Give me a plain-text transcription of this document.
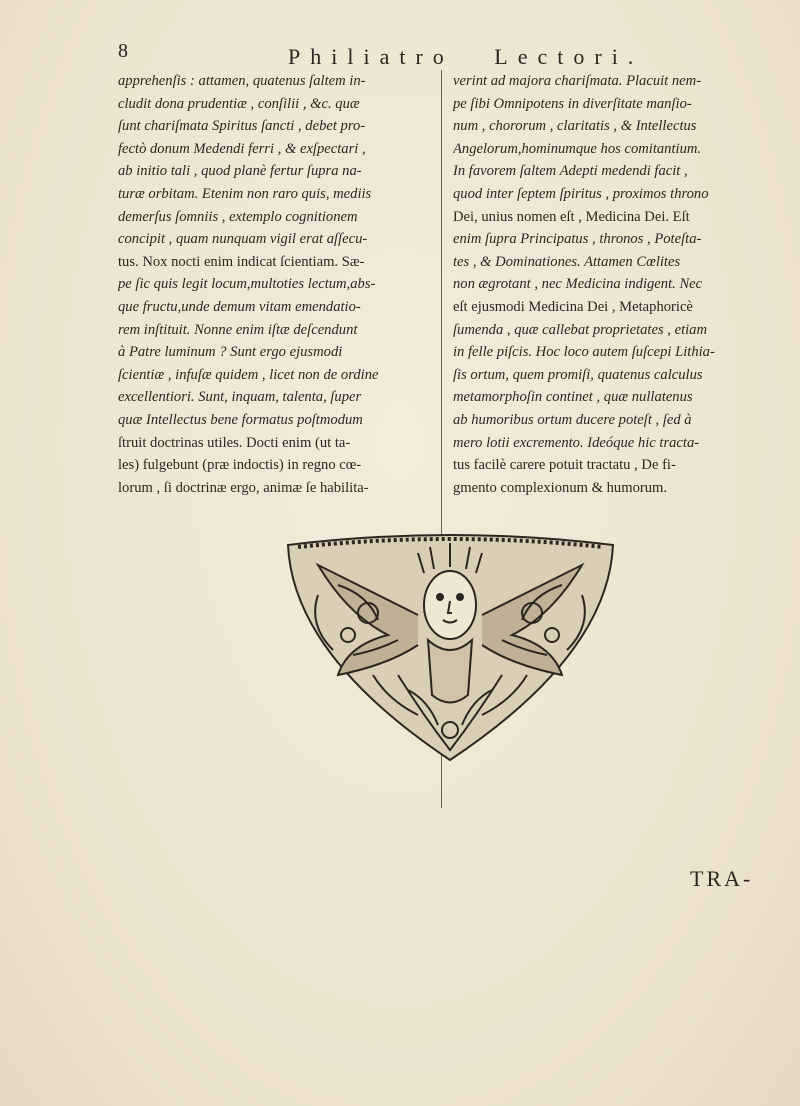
8	Philiatro Lectori.
apprehenſis : attamen, quatenus ſaltem in-
cludit dona prudentiæ , conſilii , &c. quæ
ſunt chariſmata Spiritus ſancti , debet pro-
fectò donum Medendi ferri , & exſpectari ,
ab initio tali , quod planè fertur ſupra na-
turæ orbitam. Etenim non raro quis, mediis
demerſus ſomniis , extemplo cognitionem
concipit , quam nunquam vigil erat aſſecu-
tus. Nox nocti enim indicat ſcientiam. Sæ-
pe ſic quis legit locum,multoties lectum,abs-
que fructu,unde demum vitam emendatio-
rem inſtituit. Nonne enim iſtæ deſcendunt
à Patre luminum ? Sunt ergo ejusmodi
ſcientiæ , infuſæ quidem , licet non de ordine
excellentiori. Sunt, inquam, talenta, ſuper
quæ Intellectus bene formatus poſtmodum
ſtruit doctrinas utiles. Docti enim (ut ta-
les) fulgebunt (præ indoctis) in regno cœ-
lorum , ſi doctrinæ ergo, animæ ſe habilita-
verint ad majora chariſmata. Placuit nem-
pe ſibi Omnipotens in diverſitate manſio-
num , chororum , claritatis , & Intellectus
Angelorum,hominumque hos comitantium.
In favorem ſaltem Adepti medendi facit ,
quod inter ſeptem ſpiritus , proximos throno
Dei, unius nomen eſt , Medicina Dei. Eſt
enim ſupra Principatus , thronos , Poteſta-
tes , & Dominationes. Attamen Cœlites
non ægrotant , nec Medicina indigent. Nec
eſt ejusmodi Medicina Dei , Metaphoricè
ſumenda , quæ callebat proprietates , etiam
in felle piſcis. Hoc loco autem ſuſcepi Lithia-
ſis ortum, quem promiſi, quatenus calculus
metamorphoſin continet , quæ nullatenus
ab humoribus ortum ducere poteſt , ſed à
mero lotii excremento. Ideóque hic tracta-
tus facilè carere potuit tractatu , De fi-
gmento complexionum & humorum.
TRA-
